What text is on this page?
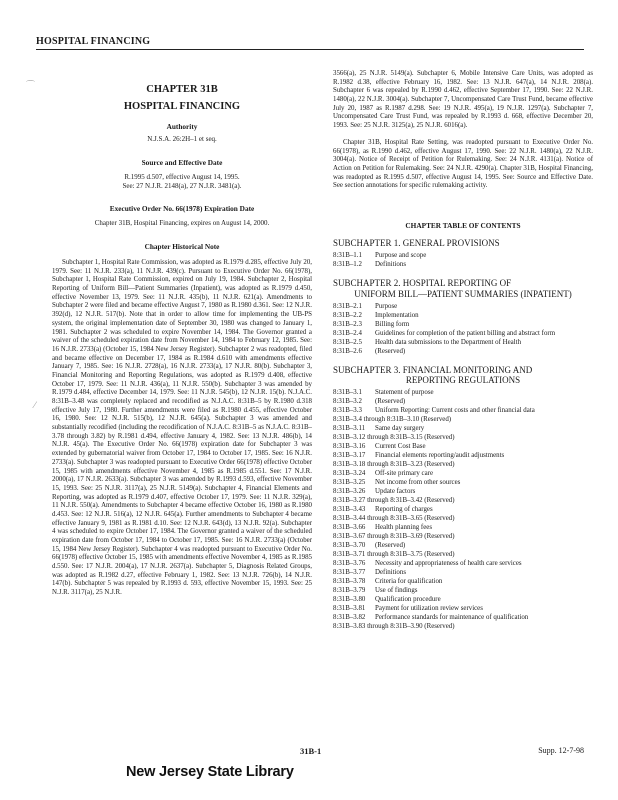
HOSPITAL FINANCING
⌒
⁄
CHAPTER 31B
HOSPITAL FINANCING
Authority
N.J.S.A. 26:2H–1 et seq.
Source and Effective Date
R.1995 d.507, effective August 14, 1995.
See: 27 N.J.R. 2148(a), 27 N.J.R. 3481(a).
Executive Order No. 66(1978) Expiration Date
Chapter 31B, Hospital Financing, expires on August 14, 2000.
Chapter Historical Note

Subchapter 1, Hospital Rate Commission, was adopted as R.1979 d.285, effective July 20, 1979. See: 11 N.J.R. 233(a), 11 N.J.R. 439(c). Pursuant to Executive Order No. 66(1978), Subchapter 1, Hospital Rate Commission, expired on July 19, 1984. Subchapter 2, Hospital Reporting of Uniform Bill—Patient Summaries (Inpatient), was adopted as R.1979 d.450, effective November 13, 1979. See: 11 N.J.R. 435(b), 11 N.J.R. 621(a). Amendments to Subchapter 2 were filed and became effective August 7, 1980 as R.1980 d.361. See: 12 N.J.R. 392(d), 12 N.J.R. 517(b). Note that in order to allow time for implementing the UB-PS system, the original implementation date of September 30, 1980 was changed to January 1, 1981. Subchapter 2 was scheduled to expire November 14, 1984. The Governor granted a waiver of the scheduled expiration date from November 14, 1984 to February 12, 1985. See: 16 N.J.R. 2733(a) (October 15, 1984 New Jersey Register). Subchapter 2 was readopted, filed and became effective on December 17, 1984 as R.1984 d.610 with amendments effective January 7, 1985. See: 16 N.J.R. 2728(a), 16 N.J.R. 2733(a), 17 N.J.R. 80(b). Subchapter 3, Financial Monitoring and Reporting Regulations, was adopted as R.1979 d.408, effective October 17, 1979. See: 11 N.J.R. 436(a), 11 N.J.R. 550(b). Subchapter 3 was amended by R.1979 d.484, effective December 14, 1979. See: 11 N.J.R. 545(b), 12 N.J.R. 15(b). N.J.A.C. 8:31B–3.48 was completely replaced and recodified as N.J.A.C. 8:31B–5 by R.1980 d.318 effective July 17, 1980. Further amendments were filed as R.1980 d.455, effective October 16, 1980. See: 12 N.J.R. 515(b), 12 N.J.R. 645(a). Subchapter 3 was amended and substantially recodified (including the recodification of N.J.A.C. 8:31B–5 as N.J.A.C. 8:31B–3.78 through 3.82) by R.1981 d.494, effective January 4, 1982. See: 13 N.J.R. 486(b), 14 N.J.R. 45(a). The Executive Order No. 66(1978) expiration date for Subchapter 3 was extended by gubernatorial waiver from October 17, 1984 to October 17, 1985. See: 16 N.J.R. 2733(a). Subchapter 3 was readopted pursuant to Executive Order 66(1978) effective October 15, 1985 with amendments effective November 4, 1985 as R.1985 d.551. See: 17 N.J.R. 2000(a), 17 N.J.R. 2633(a). Subchapter 3 was amended by R.1993 d.593, effective November 15, 1993. See: 25 N.J.R. 3117(a), 25 N.J.R. 5149(a). Subchapter 4, Financial Elements and Reporting, was adopted as R.1979 d.407, effective October 17, 1979. See: 11 N.J.R. 329(a), 11 N.J.R. 550(a). Amendments to Subchapter 4 became effective October 16, 1980 as R.1980 d.453. See: 12 N.J.R. 516(a), 12 N.J.R. 645(a). Further amendments to Subchapter 4 became effective January 9, 1981 as R.1981 d.10. See: 12 N.J.R. 643(d), 13 N.J.R. 92(a). Subchapter 4 was scheduled to expire October 17, 1984. The Governor granted a waiver of the scheduled expiration date from October 17, 1984 to October 17, 1985. See: 16 N.J.R. 2733(a) (October 15, 1984 New Jersey Register). Subchapter 4 was readopted pursuant to Executive Order No. 66(1978) effective October 15, 1985 with amendments effective November 4, 1985 as R.1985 d.550. See: 17 N.J.R. 2004(a), 17 N.J.R. 2637(a). Subchapter 5, Diagnosis Related Groups, was adopted as R.1982 d.27, effective February 1, 1982. See: 13 N.J.R. 726(b), 14 N.J.R. 147(b). Subchapter 5 was repealed by R.1993 d. 593, effective November 15, 1993. See: 25 N.J.R. 3117(a), 25 N.J.R.

3566(a), 25 N.J.R. 5149(a). Subchapter 6, Mobile Intensive Care Units, was adopted as R.1982 d.38, effective February 16, 1982. See: 13 N.J.R. 647(a), 14 N.J.R. 208(a). Subchapter 6 was repealed by R.1990 d.462, effective September 17, 1990. See: 22 N.J.R. 1480(a), 22 N.J.R. 3004(a). Subchapter 7, Uncompensated Care Trust Fund, became effective July 20, 1987 as R.1987 d.298. See: 19 N.J.R. 495(a), 19 N.J.R. 1297(a). Subchapter 7, Uncompensated Care Trust Fund, was repealed by R.1993 d. 668, effective December 20, 1993. See: 25 N.J.R. 3125(a), 25 N.J.R. 6016(a).

Chapter 31B, Hospital Rate Setting, was readopted pursuant to Executive Order No. 66(1978), as R.1990 d.462, effective August 17, 1990. See: 22 N.J.R. 1480(a), 22 N.J.R. 3004(a). Notice of Receipt of Petition for Rulemaking. See: 24 N.J.R. 4131(a). Notice of Action on Petition for Rulemaking. See: 24 N.J.R. 4290(a). Chapter 31B, Hospital Financing, was readopted as R.1995 d.507, effective August 14, 1995. See: Source and Effective Date. See section annotations for specific rulemaking activity.

CHAPTER TABLE OF CONTENTS
SUBCHAPTER 1. GENERAL PROVISIONS
8:31B–1.1	Purpose and scope
8:31B–1.2	Definitions
SUBCHAPTER 2. HOSPITAL REPORTING OF
UNIFORM BILL—PATIENT SUMMARIES (INPATIENT)
8:31B–2.1	Purpose
8:31B–2.2	Implementation
8:31B–2.3	Billing form
8:31B–2.4	Guidelines for completion of the patient billing and abstract form
8:31B–2.5	Health data submissions to the Department of Health
8:31B–2.6	(Reserved)
SUBCHAPTER 3. FINANCIAL MONITORING AND
REPORTING REGULATIONS
8:31B–3.1	Statement of purpose
8:31B–3.2	(Reserved)
8:31B–3.3	Uniform Reporting: Current costs and other financial data
8:31B–3.4 through 8:31B–3.10 (Reserved)
8:31B–3.11	Same day surgery
8:31B–3.12 through 8:31B–3.15 (Reserved)
8:31B–3.16	Current Cost Base
8:31B–3.17	Financial elements reporting/audit adjustments
8:31B–3.18 through 8:31B–3.23 (Reserved)
8:31B–3.24	Off-site primary care
8:31B–3.25	Net income from other sources
8:31B–3.26	Update factors
8:31B–3.27 through 8:31B–3.42 (Reserved)
8:31B–3.43	Reporting of charges
8:31B–3.44 through 8:31B–3.65 (Reserved)
8:31B–3.66	Health planning fees
8:31B–3.67 through 8:31B–3.69 (Reserved)
8:31B–3.70	(Reserved)
8:31B–3.71 through 8:31B–3.75 (Reserved)
8:31B–3.76	Necessity and appropriateness of health care services
8:31B–3.77	Definitions
8:31B–3.78	Criteria for qualification
8:31B–3.79	Use of findings
8:31B–3.80	Qualification procedure
8:31B–3.81	Payment for utilization review services
8:31B–3.82	Performance standards for maintenance of qualification
8:31B–3.83 through 8:31B–3.90 (Reserved)
31B-1	Supp. 12-7-98
New Jersey State Library
